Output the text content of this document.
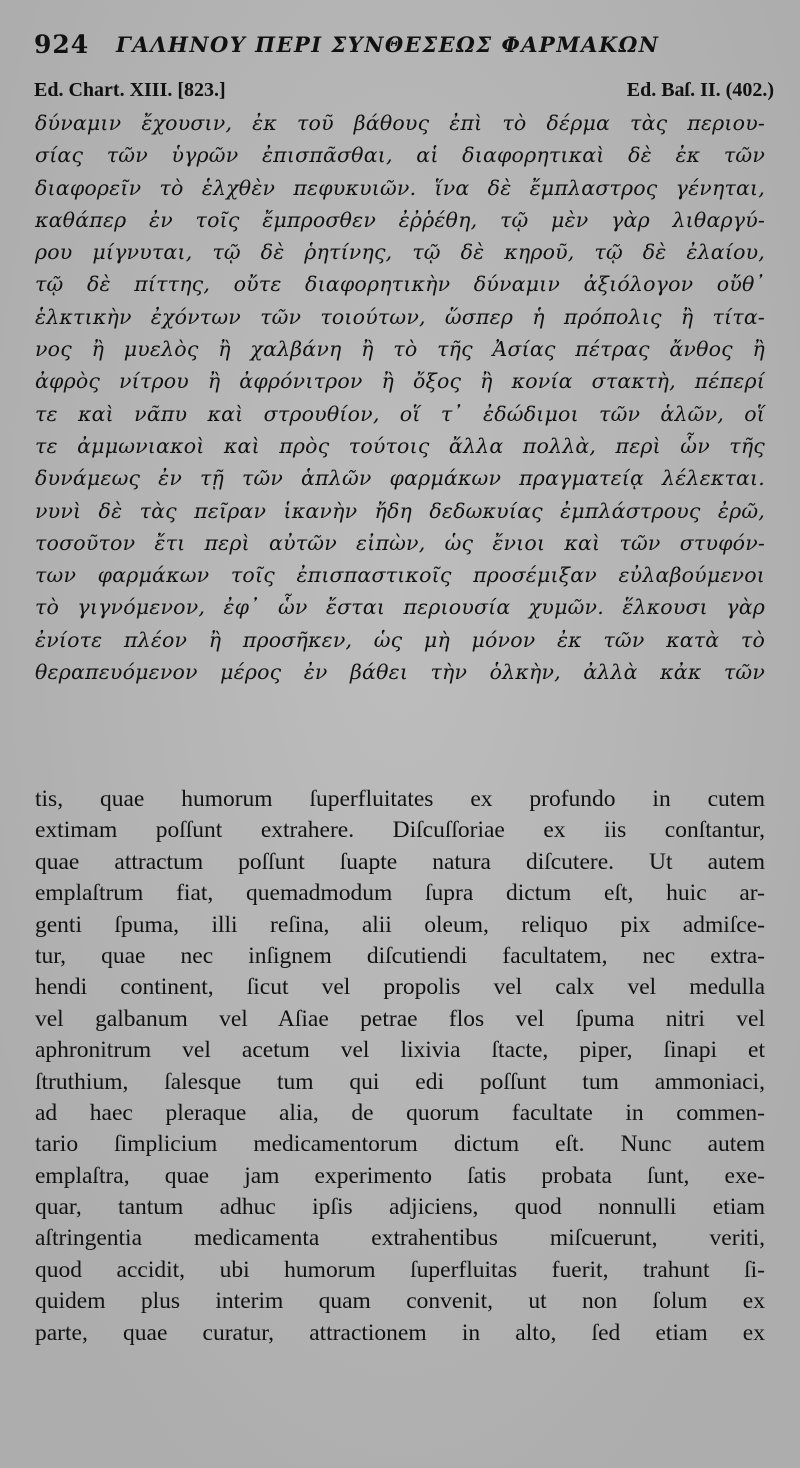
924 ΓΑΛΗΝΟΥ ΠΕΡΙ ΣΥΝΘΕΣΕΩΣ ΦΑΡΜΑΚΩΝ
Ed. Chart. XIII. [823.]	Ed. Baſ. II. (402.)
δύναμιν ἔχουσιν, ἐκ τοῦ βάθους ἐπὶ τὸ δέρμα τὰς περιου-
σίας τῶν ὑγρῶν ἐπισπᾶσθαι, αἱ διαφορητικαὶ δὲ ἐκ τῶν
διαφορεῖν τὸ ἑλχθὲν πεφυκυιῶν. ἵνα δὲ ἔμπλαστρος γένηται,
καθάπερ ἐν τοῖς ἔμπροσθεν ἐῤῥέθη, τῷ μὲν γὰρ λιθαργύ-
ρου μίγνυται, τῷ δὲ ῥητίνης, τῷ δὲ κηροῦ, τῷ δὲ ἐλαίου,
τῷ δὲ πίττης, οὔτε διαφορητικὴν δύναμιν ἀξιόλογον οὔθ᾽
ἑλκτικὴν ἐχόντων τῶν τοιούτων, ὥσπερ ἡ πρόπολις ἢ τίτα-
νος ἢ μυελὸς ἢ χαλβάνη ἢ τὸ τῆς Ἀσίας πέτρας ἄνθος ἢ
ἀφρὸς νίτρου ἢ ἀφρόνιτρον ἢ ὄξος ἢ κονία στακτὴ, πέπερί
τε καὶ νᾶπυ καὶ στρουθίον, οἵ τ᾽ ἐδώδιμοι τῶν ἁλῶν, οἵ
τε ἀμμωνιακοὶ καὶ πρὸς τούτοις ἄλλα πολλὰ, περὶ ὧν τῆς
δυνάμεως ἐν τῇ τῶν ἁπλῶν φαρμάκων πραγματείᾳ λέλεκται.
νυνὶ δὲ τὰς πεῖραν ἱκανὴν ἤδη δεδωκυίας ἐμπλάστρους ἐρῶ,
τοσοῦτον ἔτι περὶ αὐτῶν εἰπὼν, ὡς ἔνιοι καὶ τῶν στυφόν-
των φαρμάκων τοῖς ἐπισπαστικοῖς προσέμιξαν εὐλαβούμενοι
τὸ γιγνόμενον, ἐφ᾽ ὧν ἔσται περιουσία χυμῶν. ἕλκουσι γὰρ
ἐνίοτε πλέον ἢ προσῆκεν, ὡς μὴ μόνον ἐκ τῶν κατὰ τὸ
θεραπευόμενον μέρος ἐν βάθει τὴν ὁλκὴν, ἀλλὰ κἀκ τῶν
tis, quae humorum ſuperfluitates ex profundo in cutem
extimam poſſunt extrahere. Diſcuſſoriae ex iis conſtantur,
quae attractum poſſunt ſuapte natura diſcutere. Ut autem
emplaſtrum fiat, quemadmodum ſupra dictum eſt, huic ar-
genti ſpuma, illi reſina, alii oleum, reliquo pix admiſce-
tur, quae nec inſignem diſcutiendi facultatem, nec extra-
hendi continent, ſicut vel propolis vel calx vel medulla
vel galbanum vel Aſiae petrae flos vel ſpuma nitri vel
aphronitrum vel acetum vel lixivia ſtacte, piper, ſinapi et
ſtruthium, ſalesque tum qui edi poſſunt tum ammoniaci,
ad haec pleraque alia, de quorum facultate in commen-
tario ſimplicium medicamentorum dictum eſt. Nunc autem
emplaſtra, quae jam experimento ſatis probata ſunt, exe-
quar, tantum adhuc ipſis adjiciens, quod nonnulli etiam
aſtringentia medicamenta extrahentibus miſcuerunt, veriti,
quod accidit, ubi humorum ſuperfluitas fuerit, trahunt ſi-
quidem plus interim quam convenit, ut non ſolum ex
parte, quae curatur, attractionem in alto, ſed etiam ex
